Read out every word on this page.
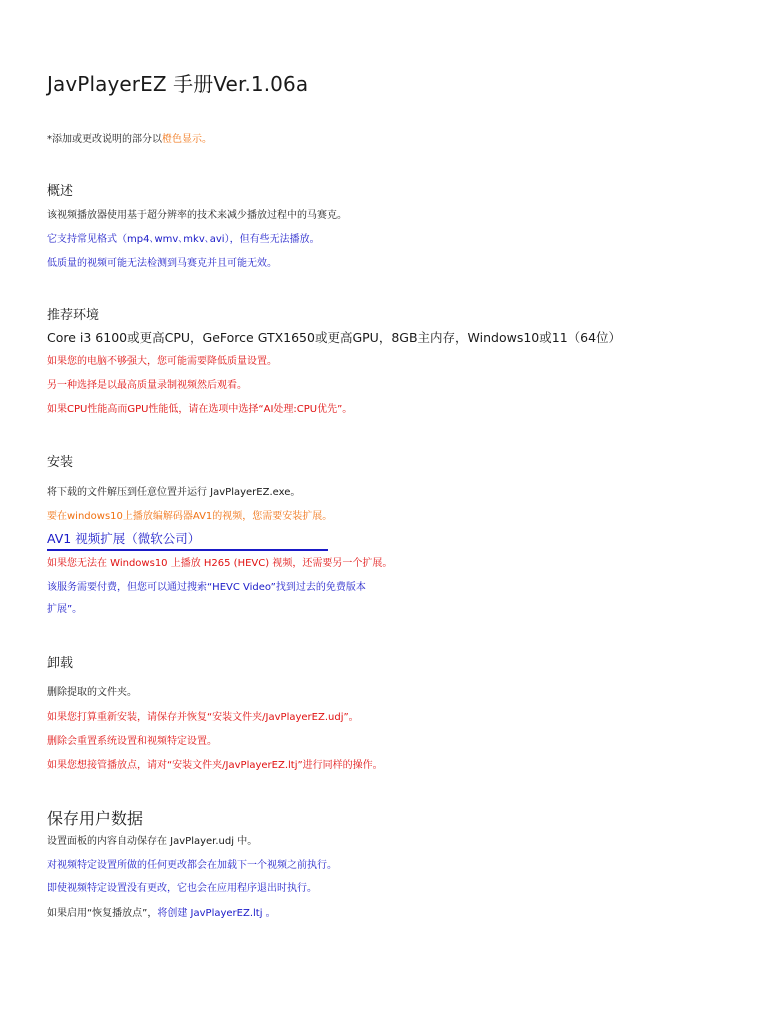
JavPlayerEZ 手册Ver.1.06a
*添加或更改说明的部分以橙色显示。
概述
该视频播放器使用基于超分辨率的技术来减少播放过程中的马赛克。
它支持常见格式（mp4､wmv､mkv､avi），但有些无法播放。
低质量的视频可能无法检测到马赛克并且可能无效。
推荐环境
Core i3 6100或更高CPU，GeForce GTX1650或更高GPU，8GB主内存，Windows10或11（64位）
如果您的电脑不够强大，您可能需要降低质量设置。
另一种选择是以最高质量录制视频然后观看。
如果CPU性能高而GPU性能低，请在选项中选择“AI处理:CPU优先”。
安装
将下载的文件解压到任意位置并运行 JavPlayerEZ.exe。
要在windows10上播放编解码器AV1的视频，您需要安装扩展。
AV1 视频扩展（微软公司）
如果您无法在 Windows10 上播放 H265 (HEVC) 视频，还需要另一个扩展。
该服务需要付费，但您可以通过搜索“HEVC Video”找到过去的免费版本
扩展”。
卸载
删除提取的文件夹。
如果您打算重新安装，请保存并恢复“安装文件夹/JavPlayerEZ.udj”。
删除会重置系统设置和视频特定设置。
如果您想接管播放点，请对“安装文件夹/JavPlayerEZ.ltj”进行同样的操作。
保存用户数据
设置面板的内容自动保存在 JavPlayer.udj 中。
对视频特定设置所做的任何更改都会在加载下一个视频之前执行。
即使视频特定设置没有更改，它也会在应用程序退出时执行。
如果启用“恢复播放点”，将创建 JavPlayerEZ.ltj 。
